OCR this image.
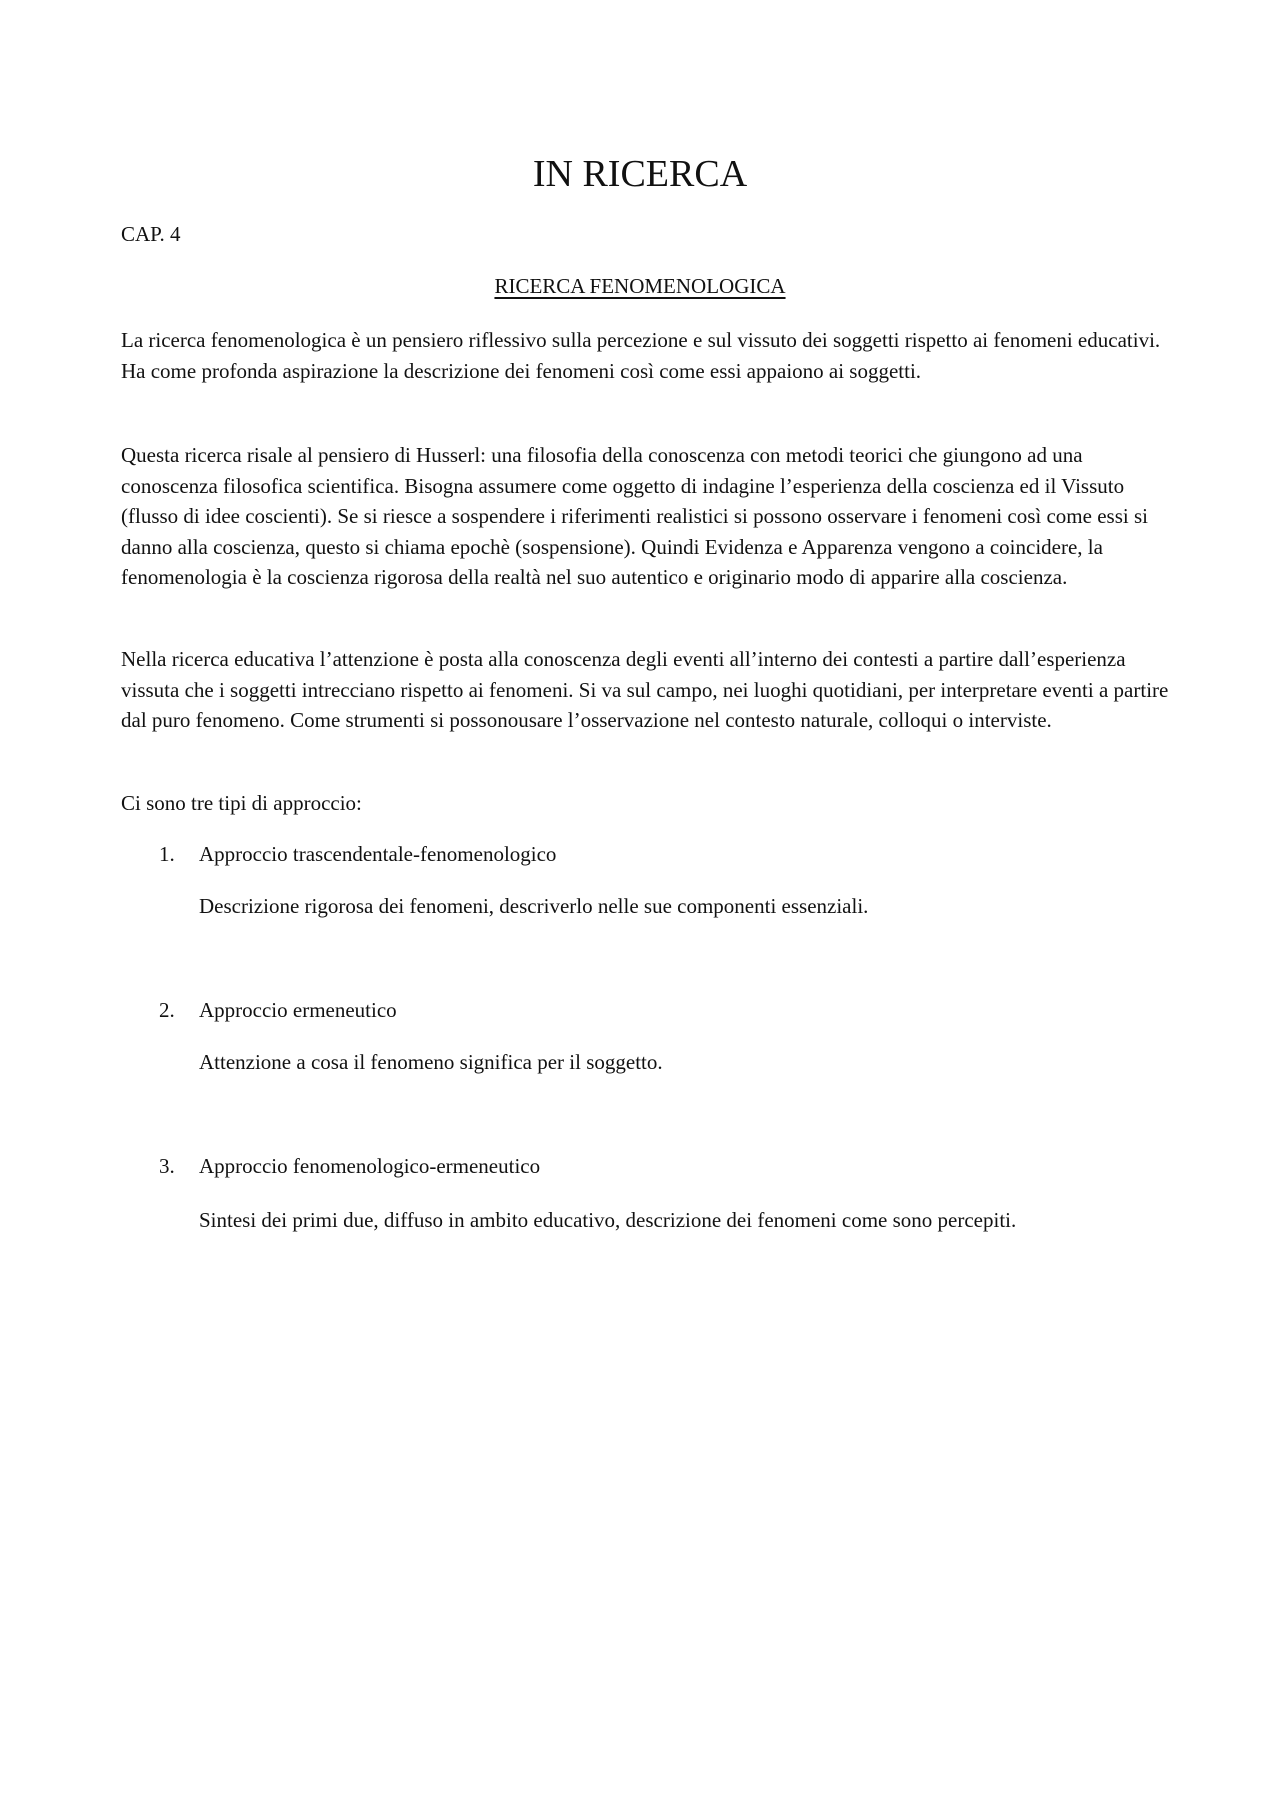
IN RICERCA
CAP. 4
RICERCA FENOMENOLOGICA

La ricerca fenomenologica è un pensiero riflessivo sulla percezione e sul vissuto dei soggetti rispetto ai fenomeni educativi. Ha come profonda aspirazione la descrizione dei fenomeni così come essi appaiono ai soggetti.

Questa ricerca risale al pensiero di Husserl: una filosofia della conoscenza con metodi teorici che giungono ad una conoscenza filosofica scientifica. Bisogna assumere come oggetto di indagine l’esperienza della coscienza ed il Vissuto (flusso di idee coscienti). Se si riesce a sospendere i riferimenti realistici si possono osservare i fenomeni così come essi si danno alla coscienza, questo si chiama epochè (sospensione). Quindi Evidenza e Apparenza vengono a coincidere, la fenomenologia è la coscienza rigorosa della realtà nel suo autentico e originario modo di apparire alla coscienza.

Nella ricerca educativa l’attenzione è posta alla conoscenza degli eventi all’interno dei contesti a partire dall’esperienza vissuta che i soggetti intrecciano rispetto ai fenomeni. Si va sul campo, nei luoghi quotidiani, per interpretare eventi a partire dal puro fenomeno. Come strumenti si possonousare l’osservazione nel contesto naturale, colloqui o interviste.

Ci sono tre tipi di approccio:

1. Approccio trascendentale-fenomenologico
Descrizione rigorosa dei fenomeni, descriverlo nelle sue componenti essenziali.
2. Approccio ermeneutico
Attenzione a cosa il fenomeno significa per il soggetto.
3. Approccio fenomenologico-ermeneutico
Sintesi dei primi due, diffuso in ambito educativo, descrizione dei fenomeni come sono percepiti.
